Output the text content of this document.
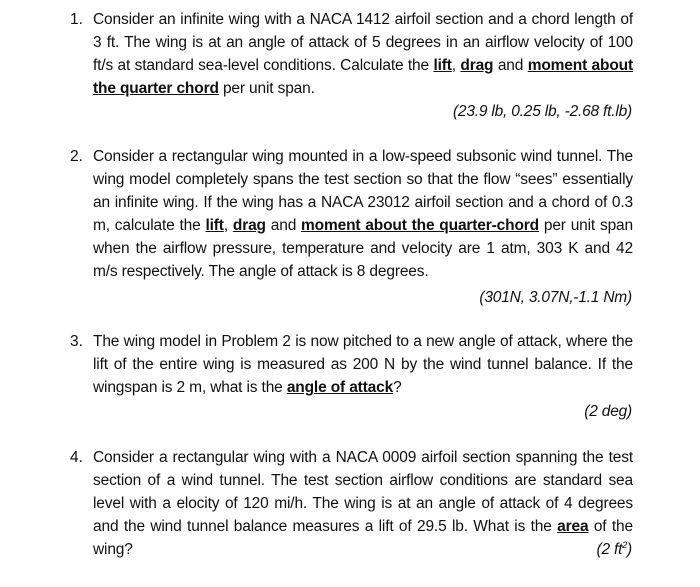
1. Consider an infinite wing with a NACA 1412 airfoil section and a chord length of 3 ft. The wing is at an angle of attack of 5 degrees in an airflow velocity of 100 ft/s at standard sea-level conditions. Calculate the lift, drag and moment about the quarter chord per unit span.
(23.9 lb, 0.25 lb, -2.68 ft.lb)
2. Consider a rectangular wing mounted in a low-speed subsonic wind tunnel. The wing model completely spans the test section so that the flow “sees” essentially an infinite wing. If the wing has a NACA 23012 airfoil section and a chord of 0.3 m, calculate the lift, drag and moment about the quarter-chord per unit span when the airflow pressure, temperature and velocity are 1 atm, 303 K and 42 m/s respectively. The angle of attack is 8 degrees.
(301N, 3.07N,-1.1 Nm)
3. The wing model in Problem 2 is now pitched to a new angle of attack, where the lift of the entire wing is measured as 200 N by the wind tunnel balance. If the wingspan is 2 m, what is the angle of attack?
(2 deg)
4. Consider a rectangular wing with a NACA 0009 airfoil section spanning the test section of a wind tunnel. The test section airflow conditions are standard sea level with a elocity of 120 mi/h. The wing is at an angle of attack of 4 degrees and the wind tunnel balance measures a lift of 29.5 lb. What is the area of the wing?	(2 $ft^2$)
